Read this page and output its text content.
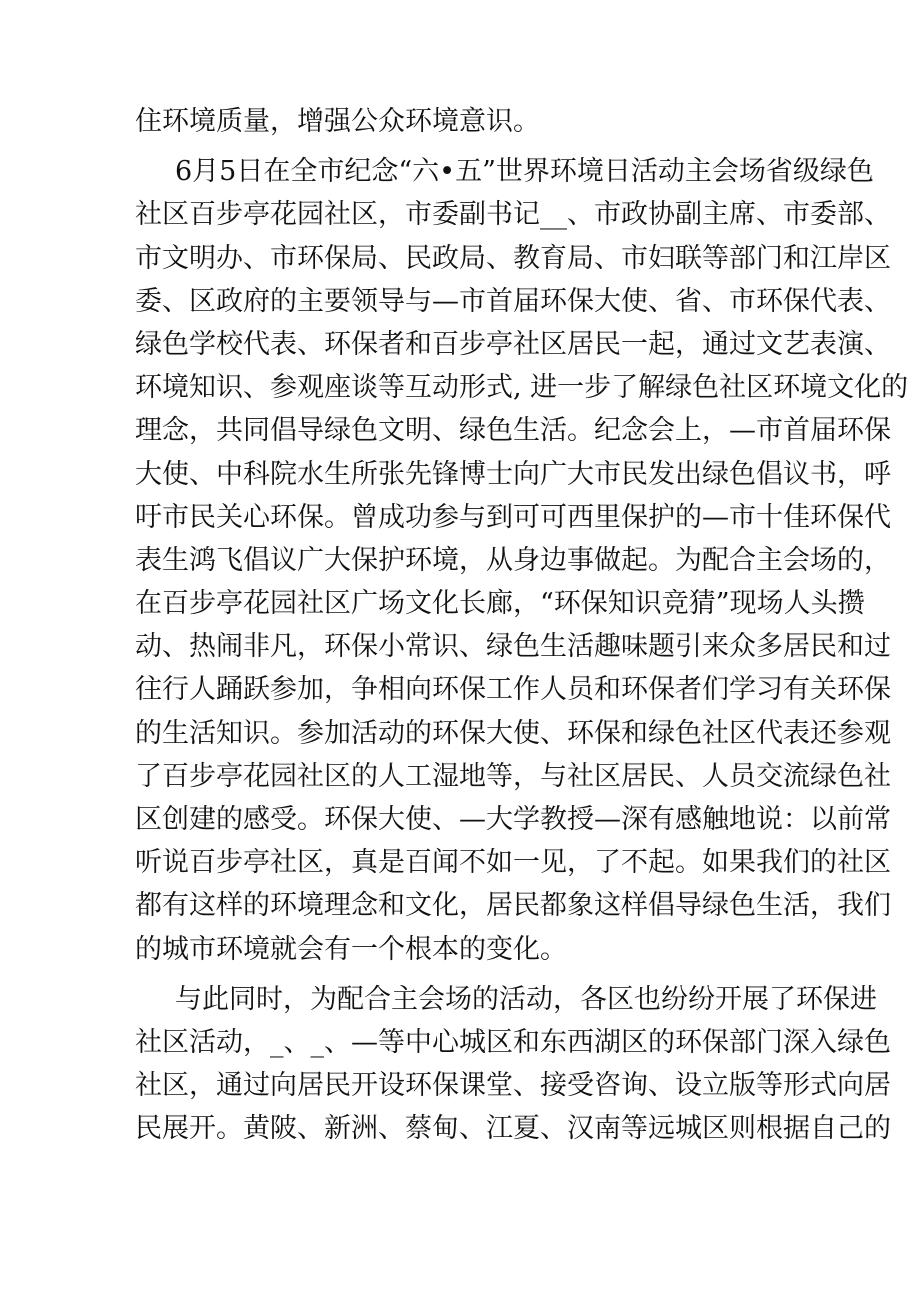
住环境质量，增强公众环境意识。

6月5日在全市纪念“六•五”世界环境日活动主会场省级绿色
社区百步亭花园社区，市委副书记__、市政协副主席、市委部、
市文明办、市环保局、民政局、教育局、市妇联等部门和江岸区
委、区政府的主要领导与—市首届环保大使、省、市环保代表、
绿色学校代表、环保者和百步亭社区居民一起，通过文艺表演、
环境知识、参观座谈等互动形式, 进一步了解绿色社区环境文化的
理念，共同倡导绿色文明、绿色生活。纪念会上，—市首届环保
大使、中科院水生所张先锋博士向广大市民发出绿色倡议书，呼
吁市民关心环保。曾成功参与到可可西里保护的—市十佳环保代
表生鸿飞倡议广大保护环境，从身边事做起。为配合主会场的，
在百步亭花园社区广场文化长廊，“环保知识竞猜”现场人头攒
动、热闹非凡，环保小常识、绿色生活趣味题引来众多居民和过
往行人踊跃参加，争相向环保工作人员和环保者们学习有关环保
的生活知识。参加活动的环保大使、环保和绿色社区代表还参观
了百步亭花园社区的人工湿地等，与社区居民、人员交流绿色社
区创建的感受。环保大使、—大学教授—深有感触地说：以前常
听说百步亭社区，真是百闻不如一见，了不起。如果我们的社区
都有这样的环境理念和文化，居民都象这样倡导绿色生活，我们
的城市环境就会有一个根本的变化。

与此同时，为配合主会场的活动，各区也纷纷开展了环保进
社区活动，_、_、—等中心城区和东西湖区的环保部门深入绿色
社区，通过向居民开设环保课堂、接受咨询、设立版等形式向居
民展开。黄陂、新洲、蔡甸、江夏、汉南等远城区则根据自己的
